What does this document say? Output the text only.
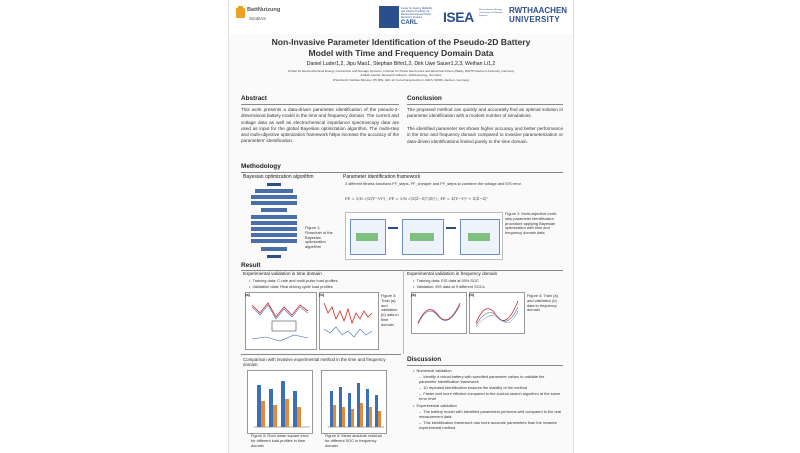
BattNutzung
SimBAS
Center for Ageing, Reliability
and Lifetime Prediction of
Electrochemical and Power
Electronic Systems
CARL ISEA Electrochemical Energy Conversion and Storage Systems
RWTHAACHEN
UNIVERSITY
Non-Invasive Parameter Identification of the Pseudo-2D Battery
Model with Time and Frequency Domain Data
Daniel Luder1,2, Jipu Mao1, Stephan Bihn1,2, Dirk Uwe Sauer1,2,3, Weihan Li1,2
1Chair for Electrochemical Energy Conversion and Storage Systems, Institute for Power Electronics and Electrical Drives (ISEA), RWTH Aachen University, Germany
2Jülich Aachen Research Alliance, JARA-Energy, Germany
3Helmholtz Institute Münster (HI MS), IEK-12, Forschungszentrum Jülich, 52066, Aachen, Germany
Abstract
This work presents a data-driven parameter identification of the pseudo-2-dimensional battery model in the time and frequency domain. The current and voltage data as well as electrochemical impedance spectroscopy data are used as input for the global Bayesian optimization algorithm. The multi-step and multi-objective optimization framework helps increase the accuracy of the parameters' identification.
Conclusion
The proposed method can quickly and accurately find an optimal solution in parameter identification with a modest number of simulations.
The identified parameter set shows higher accuracy and better performance in the time and frequency domain compared to invasive parameterization or data-driven identifications limited purely to the time domain.
Methodology
Bayesian optimization algorithm
Figure 1: Flowchart of the Bayesian optimization algorithm
Parameter identification framework
3 different fitness functions FF_steps, FF_cheaper and FF_steps to combine the voltage and EIS error.
FF = 1/N √(Σ(V̂−V)²) ; FF = 1/N √(Σ|Ẑ−Z|²/|Z|²) ; FF = Σ(V̂−V)² + Σ|Ẑ−Z|²
Figure 2: Multi-objective multi-step parameter identification procedure applying Bayesian optimization with time and frequency domain data
Result
Experimental validation in time domain
•  Training data: C-rate and multi-pulse load profiles
•  Validation data: Real driving cycle load profiles
(a)	(b)	Figure 3: Train (a) and validation (b) data in time domain
Experimental validation in frequency domain
•  Training data: EIS data at 50% SOC
•  Validation: EIS data at 9 different SOCs
(a)	(b)	Figure 4: Train (a) and validation (b) data in frequency domain
Comparison with invasive experimental method in the time and frequency domain
Figure 5: Root mean square error for different load profiles in time domain
Figure 6: Mean absolute residual for different SOC in frequency domain
Discussion
•  Numerical validation
–  Identify a virtual battery with specified parameter values to validate the parameter identification framework
–  10 repeated identification ensures the stability of the method
–  Faster and more efficient compared to the cuckoo search algorithm at the same error level
•  Experimental validation
–  The battery model with identified parameters performs well compared to the real measurement data
–  This identification framework has more accurate parameters than the invasive experimental method
